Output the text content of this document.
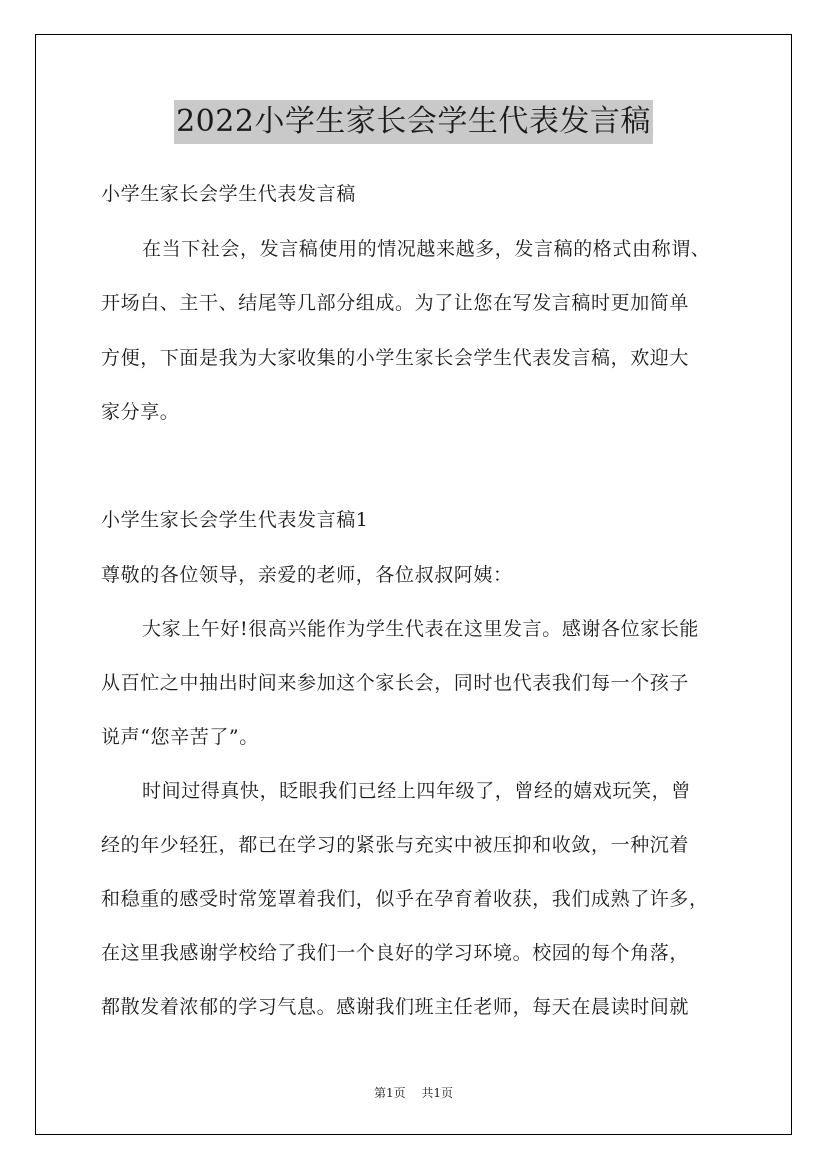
2022小学生家长会学生代表发言稿
小学生家长会学生代表发言稿
在当下社会，发言稿使用的情况越来越多，发言稿的格式由称谓、
开场白、主干、结尾等几部分组成。为了让您在写发言稿时更加简单
方便，下面是我为大家收集的小学生家长会学生代表发言稿，欢迎大
家分享。
小学生家长会学生代表发言稿1
尊敬的各位领导，亲爱的老师，各位叔叔阿姨：
大家上午好!很高兴能作为学生代表在这里发言。感谢各位家长能
从百忙之中抽出时间来参加这个家长会，同时也代表我们每一个孩子
说声“您辛苦了”。
时间过得真快，眨眼我们已经上四年级了，曾经的嬉戏玩笑，曾
经的年少轻狂，都已在学习的紧张与充实中被压抑和收敛，一种沉着
和稳重的感受时常笼罩着我们，似乎在孕育着收获，我们成熟了许多，
在这里我感谢学校给了我们一个良好的学习环境。校园的每个角落，
都散发着浓郁的学习气息。感谢我们班主任老师，每天在晨读时间就
第1页 共1页
